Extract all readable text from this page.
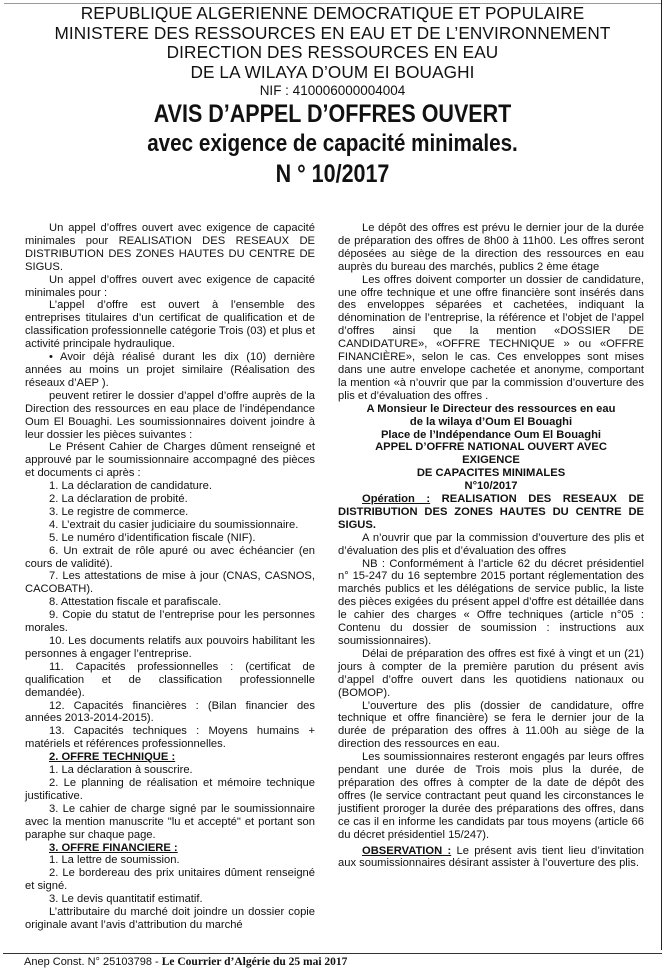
REPUBLIQUE ALGERIENNE DEMOCRATIQUE ET POPULAIRE
MINISTERE DES RESSOURCES EN EAU ET DE L’ENVIRONNEMENT
DIRECTION DES RESSOURCES EN EAU
DE LA WILAYA D’OUM EI BOUAGHI
NIF : 410006000004004
AVIS D’APPEL D’OFFRES OUVERT
avec exigence de capacité minimales.
N ° 10/2017

Un appel d’offres ouvert avec exigence de capacité minimales pour REALISATION DES RESEAUX DE DISTRIBUTION DES ZONES HAUTES DU CENTRE DE SIGUS.

Un appel d’offres ouvert avec exigence de capacité minimales pour :

L’appel d’offre est ouvert à l’ensemble des entreprises titulaires d’un certificat de qualification et de classification professionnelle catégorie Trois (03) et plus et activité principale hydraulique.

• Avoir déjà réalisé durant les dix (10) dernière années au moins un projet similaire (Réalisation des réseaux d’AEP ).

peuvent retirer le dossier d’appel d’offre auprès de la Direction des ressources en eau place de l’indépendance Oum El Bouaghi. Les soumissionnaires doivent joindre à leur dossier les pièces suivantes :

Le Présent Cahier de Charges dûment renseigné et approuvé par le soumissionnaire accompagné des pièces et documents ci après :

1. La déclaration de candidature.

2. La déclaration de probité.

3. Le registre de commerce.

4. L’extrait du casier judiciaire du soumissionnaire.

5. Le numéro d’identification fiscale (NIF).

6. Un extrait de rôle apuré ou avec échéancier (en cours de validité).

7. Les attestations de mise à jour (CNAS, CASNOS, CACOBATH).

8. Attestation fiscale et parafiscale.

9. Copie du statut de l’entreprise pour les personnes morales.

10. Les documents relatifs aux pouvoirs habilitant les personnes à engager l’entreprise.

11. Capacités professionnelles : (certificat de qualification et de classification professionnelle demandée).

12. Capacités financières : (Bilan financier des années 2013-2014-2015).

13. Capacités techniques : Moyens humains + matériels et références professionnelles.

2. OFFRE TECHNIQUE :

1. La déclaration à souscrire.

2. Le planning de réalisation et mémoire technique justificative.

3. Le cahier de charge signé par le soumissionnaire avec la mention manuscrite "lu et accepté" et portant son paraphe sur chaque page.

3. OFFRE FINANCIERE :

1. La lettre de soumission.

2. Le bordereau des prix unitaires dûment renseigné et signé.

3. Le devis quantitatif estimatif.

L’attributaire du marché doit joindre un dossier copie originale avant l’avis d’attribution du marché

Le dépôt des offres est prévu le dernier jour de la durée de préparation des offres de 8h00 à 11h00. Les offres seront déposées au siège de la direction des ressources en eau auprès du bureau des marchés, publics 2 ème étage

Les offres doivent comporter un dossier de candidature, une offre technique et une offre financière sont insérés dans des enveloppes séparées et cachetées, indiquant la dénomination de l’entreprise, la référence et l’objet de l’appel d’offres ainsi que la mention «DOSSIER DE CANDIDATURE», «OFFRE TECHNIQUE » ou «OFFRE FINANCIÈRE», selon le cas. Ces enveloppes sont mises dans une autre envelope cachetée et anonyme, comportant la mention «à n’ouvrir que par la commission d’ouverture des plis et d’évaluation des offres .

A Monsieur le Directeur des ressources en eau

de la wilaya d’Oum El Bouaghi

Place de l’Indépendance Oum El Bouaghi

APPEL D’OFFRE NATIONAL OUVERT AVEC

EXIGENCE

DE CAPACITES MINIMALES

N°10/2017

Opération : REALISATION DES RESEAUX DE DISTRIBUTION DES ZONES HAUTES DU CENTRE DE SIGUS.

A n’ouvrir que par la commission d’ouverture des plis et d’évaluation des plis et d’évaluation des offres

NB : Conformément à l’article 62 du décret présidentiel n° 15-247 du 16 septembre 2015 portant réglementation des marchés publics et les délégations de service public, la liste des pièces exigées du présent appel d’offre est détaillée dans le cahier des charges « Offre techniques (article n°05 : Contenu du dossier de soumission : instructions aux soumissionnaires).

Délai de préparation des offres est fixé à vingt et un (21) jours à compter de la première parution du présent avis d’appel d’offre ouvert dans les quotidiens nationaux ou (BOMOP).

L’ouverture des plis (dossier de candidature, offre technique et offre financière) se fera le dernier jour de la durée de préparation des offres à 11.00h au siège de la direction des ressources en eau.

Les soumissionnaires resteront engagés par leurs offres pendant une durée de Trois mois plus la durée, de préparation des offres à compter de la date de dépôt des offres (le service contractant peut quand les circonstances le justifient proroger la durée des préparations des offres, dans ce cas il en informe les candidats par tous moyens (article 66 du décret présidentiel 15/247).

OBSERVATION : Le présent avis tient lieu d’invitation aux soumissionnaires désirant assister à l’ouverture des plis.

Anep Const. N° 25103798 - Le Courrier d’Algérie du 25 mai 2017
